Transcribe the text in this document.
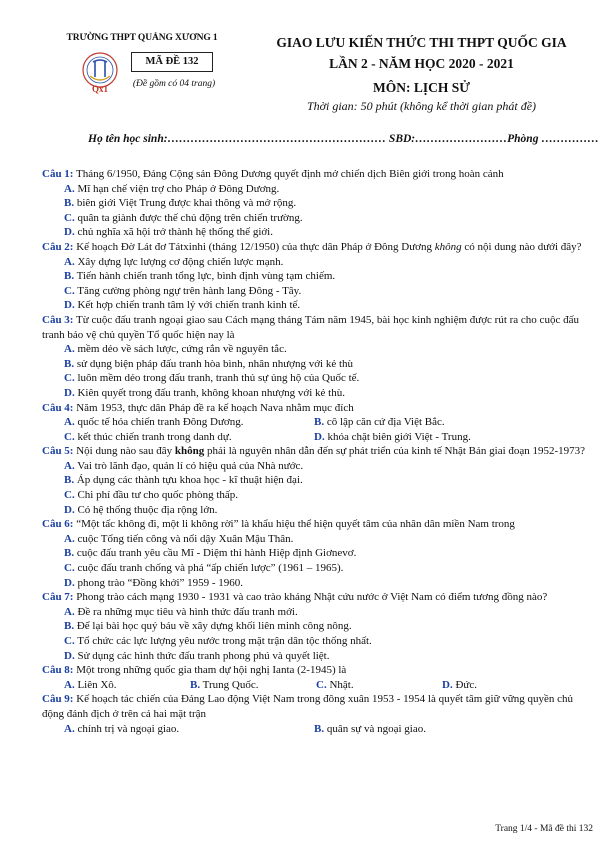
TRƯỜNG THPT QUẢNG XƯƠNG 1
Qx1
MÃ ĐỀ 132
(Đề gồm có 04 trang)
GIAO LƯU KIẾN THỨC THI THPT QUỐC GIA
LẦN 2 - NĂM HỌC 2020 - 2021
MÔN: LỊCH SỬ
Thời gian: 50 phút (không kể thời gian phát đề)
Họ tên học sinh:………………………………………………… SBD:……………………Phòng ……………

Câu 1: Tháng 6/1950, Đảng Cộng sản Đông Dương quyết định mở chiến dịch Biên giới trong hoàn cảnh

A. Mĩ hạn chế viện trợ cho Pháp ở Đông Dương.
B. biên giới Việt Trung được khai thông và mở rộng.
C. quân ta giành được thế chủ động trên chiến trường.
D. chủ nghĩa xã hội trở thành hệ thống thế giới.

Câu 2: Kế hoạch Đờ Lát đơ Tátxinhi (tháng 12/1950) của thực dân Pháp ở Đông Dương không có nội dung nào dưới đây?

A. Xây dựng lực lượng cơ động chiến lược mạnh.
B. Tiến hành chiến tranh tổng lực, bình định vùng tạm chiếm.
C. Tăng cường phòng ngự trên hành lang Đông - Tây.
D. Kết hợp chiến tranh tâm lý với chiến tranh kinh tế.

Câu 3: Từ cuộc đấu tranh ngoại giao sau Cách mạng tháng Tám năm 1945, bài học kinh nghiệm được rút ra cho cuộc đấu tranh bảo vệ chủ quyền Tổ quốc hiện nay là

A. mềm dẻo về sách lược, cứng rắn về nguyên tắc.
B. sử dụng biện pháp đấu tranh hòa bình, nhân nhượng với kẻ thù
C. luôn mềm dẻo trong đấu tranh, tranh thủ sự ủng hộ của Quốc tế.
D. Kiên quyết trong đấu tranh, không khoan nhượng với kẻ thù.

Câu 4: Năm 1953, thực dân Pháp đề ra kế hoạch Nava nhằm mục đích

A. quốc tế hóa chiến tranh Đông Dương.	B. cô lập căn cứ địa Việt Bắc.
C. kết thúc chiến tranh trong danh dự.	D. khóa chặt biên giới Việt - Trung.

Câu 5: Nội dung nào sau đây không phải là nguyên nhân dẫn đến sự phát triển của kinh tế Nhật Bản giai đoạn 1952-1973?

A. Vai trò lãnh đạo, quản lí có hiệu quả của Nhà nước.
B. Áp dụng các thành tựu khoa học - kĩ thuật hiện đại.
C. Chi phí đầu tư cho quốc phòng thấp.
D. Có hệ thống thuộc địa rộng lớn.

Câu 6: “Một tấc không đi, một li không rời” là khẩu hiệu thể hiện quyết tâm của nhân dân miền Nam trong

A. cuộc Tổng tiến công và nổi dậy Xuân Mậu Thân.
B. cuộc đấu tranh yêu cầu Mĩ - Diệm thi hành Hiệp định Giơnevơ.
C. cuộc đấu tranh chống và phá “ấp chiến lược” (1961 – 1965).
D. phong trào “Đồng khởi” 1959 - 1960.

Câu 7: Phong trào cách mạng 1930 - 1931 và cao trào kháng Nhật cứu nước ở Việt Nam có điểm tương đồng nào?

A. Đề ra những mục tiêu và hình thức đấu tranh mới.
B. Để lại bài học quý báu về xây dựng khối liên minh công nông.
C. Tổ chức các lực lượng yêu nước trong mặt trận dân tộc thống nhất.
D. Sử dụng các hình thức đấu tranh phong phú và quyết liệt.

Câu 8: Một trong những quốc gia tham dự hội nghị Ianta (2-1945) là

A. Liên Xô.	B. Trung Quốc.	C. Nhật.	D. Đức.

Câu 9: Kế hoạch tác chiến của Đảng Lao động Việt Nam trong đông xuân 1953 - 1954 là quyết tâm giữ vững quyền chủ động đánh địch ở trên cả hai mặt trận

A. chính trị và ngoại giao.	B. quân sự và ngoại giao.
Trang 1/4 - Mã đề thi 132
